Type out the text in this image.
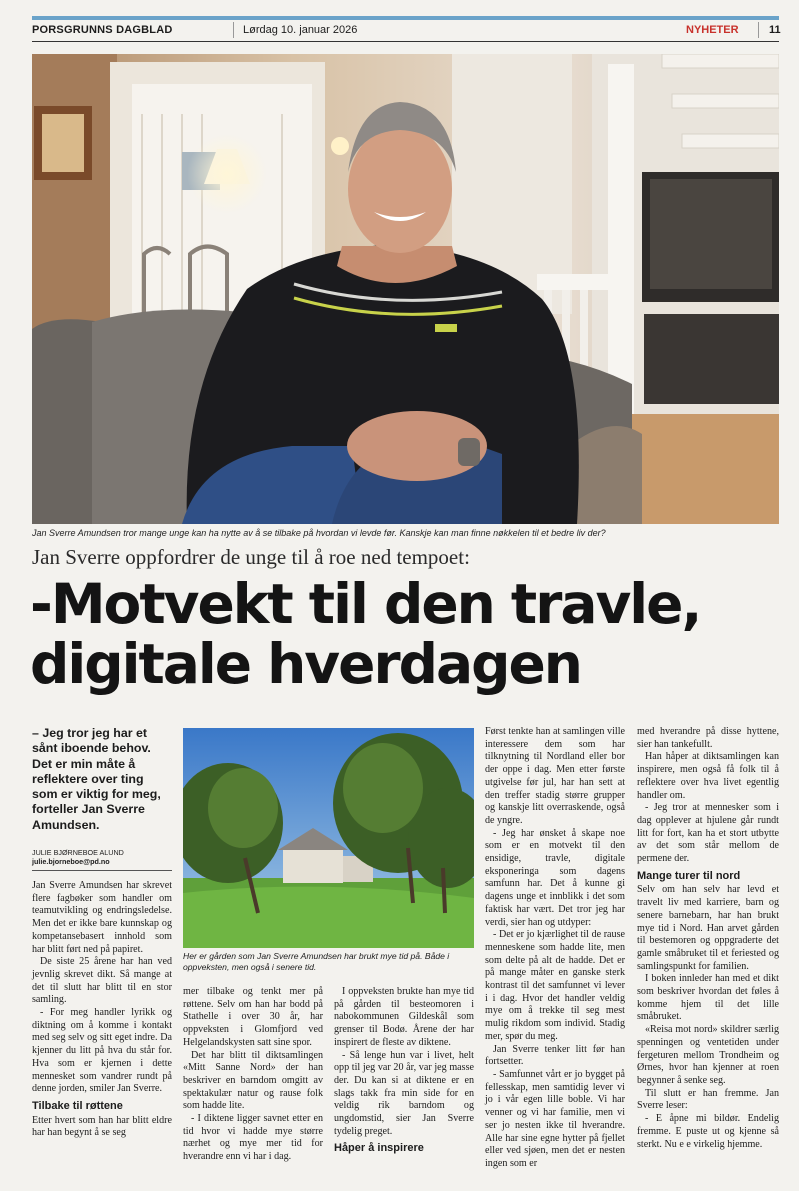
PORSGRUNNS DAGBLAD	Lørdag 10. januar 2026	NYHETER	11
Jan Sverre Amundsen tror mange unge kan ha nytte av å se tilbake på hvordan vi levde før. Kanskje kan man finne nøkkelen til et bedre liv der?
Jan Sverre oppfordrer de unge til å roe ned tempoet:
-Motvekt til den travle,
digitale hverdagen
– Jeg tror jeg har et sånt iboende behov. Det er min måte å reflektere over ting som er viktig for meg, forteller Jan Sverre Amundsen.
JULIE BJØRNEBOE ALUND
julie.bjorneboe@pd.no

Jan Sverre Amundsen har skrevet flere fagbøker som handler om teamutvikling og endringsledelse. Men det er ikke bare kunnskap og kompetansebasert innhold som har blitt ført ned på papiret.

De siste 25 årene har han ved jevnlig skrevet dikt. Så mange at det til slutt har blitt til en stor samling.

- For meg handler lyrikk og diktning om å komme i kontakt med seg selv og sitt eget indre. Da kjenner du litt på hva du står for. Hva som er kjernen i dette mennesket som vandrer rundt på denne jorden, smiler Jan Sverre.

Tilbake til røttene

Etter hvert som han har blitt eldre har han begynt å se seg

Her er gården som Jan Sverre Amundsen har brukt mye tid på. Både i oppveksten, men også i senere tid.

mer tilbake og tenkt mer på røttene. Selv om han har bodd på Stathelle i over 30 år, har oppveksten i Glomfjord ved Helgelandskysten satt sine spor.

Det har blitt til diktsamlingen «Mitt Sanne Nord» der han beskriver en barndom omgitt av spektakulær natur og rause folk som hadde lite.

- I diktene ligger savnet etter en tid hvor vi hadde mye større nærhet og mye mer tid for hverandre enn vi har i dag.

I oppveksten brukte han mye tid på gården til besteomoren i nabokommunen Gildeskål som grenser til Bodø. Årene der har inspirert de fleste av diktene.

- Så lenge hun var i livet, helt opp til jeg var 20 år, var jeg masse der. Du kan si at diktene er en slags takk fra min side for en veldig rik barndom og ungdomstid, sier Jan Sverre tydelig preget.

Håper å inspirere

Først tenkte han at samlingen ville interessere dem som har tilknytning til Nordland eller bor der oppe i dag. Men etter første utgivelse før jul, har han sett at den treffer stadig større grupper og kanskje litt overraskende, også de yngre.

- Jeg har ønsket å skape noe som er en motvekt til den ensidige, travle, digitale eksponeringa som dagens samfunn har. Det å kunne gi dagens unge et innblikk i det som faktisk har vært. Det tror jeg har verdi, sier han og utdyper:

- Det er jo kjærlighet til de rause menneskene som hadde lite, men som delte på alt de hadde. Det er på mange måter en ganske sterk kontrast til det samfunnet vi lever i i dag. Hvor det handler veldig mye om å trekke til seg mest mulig rikdom som individ. Stadig mer, spør du meg.

Jan Sverre tenker litt før han fortsetter.

- Samfunnet vårt er jo bygget på fellesskap, men samtidig lever vi jo i vår egen lille boble. Vi har venner og vi har familie, men vi ser jo nesten ikke til hverandre. Alle har sine egne hytter på fjellet eller ved sjøen, men det er nesten ingen som er

med hverandre på disse hyttene, sier han tankefullt.

Han håper at diktsamlingen kan inspirere, men også få folk til å reflektere over hva livet egentlig handler om.

- Jeg tror at mennesker som i dag opplever at hjulene går rundt litt for fort, kan ha et stort utbytte av det som står mellom de permene der.

Mange turer til nord

Selv om han selv har levd et travelt liv med karriere, barn og senere barnebarn, har han brukt mye tid i Nord. Han arvet gården til bestemoren og oppgraderte det gamle småbruket til et feriested og samlingspunkt for familien.

I boken innleder han med et dikt som beskriver hvordan det føles å komme hjem til det lille småbruket.

«Reisa mot nord» skildrer særlig spenningen og ventetiden under fergeturen mellom Trondheim og Ørnes, hvor han kjenner at roen begynner å senke seg.

Til slutt er han fremme. Jan Sverre leser:

- E åpne mi bildør. Endelig fremme. E puste ut og kjenne så sterkt. Nu e e virkelig hjemme.
